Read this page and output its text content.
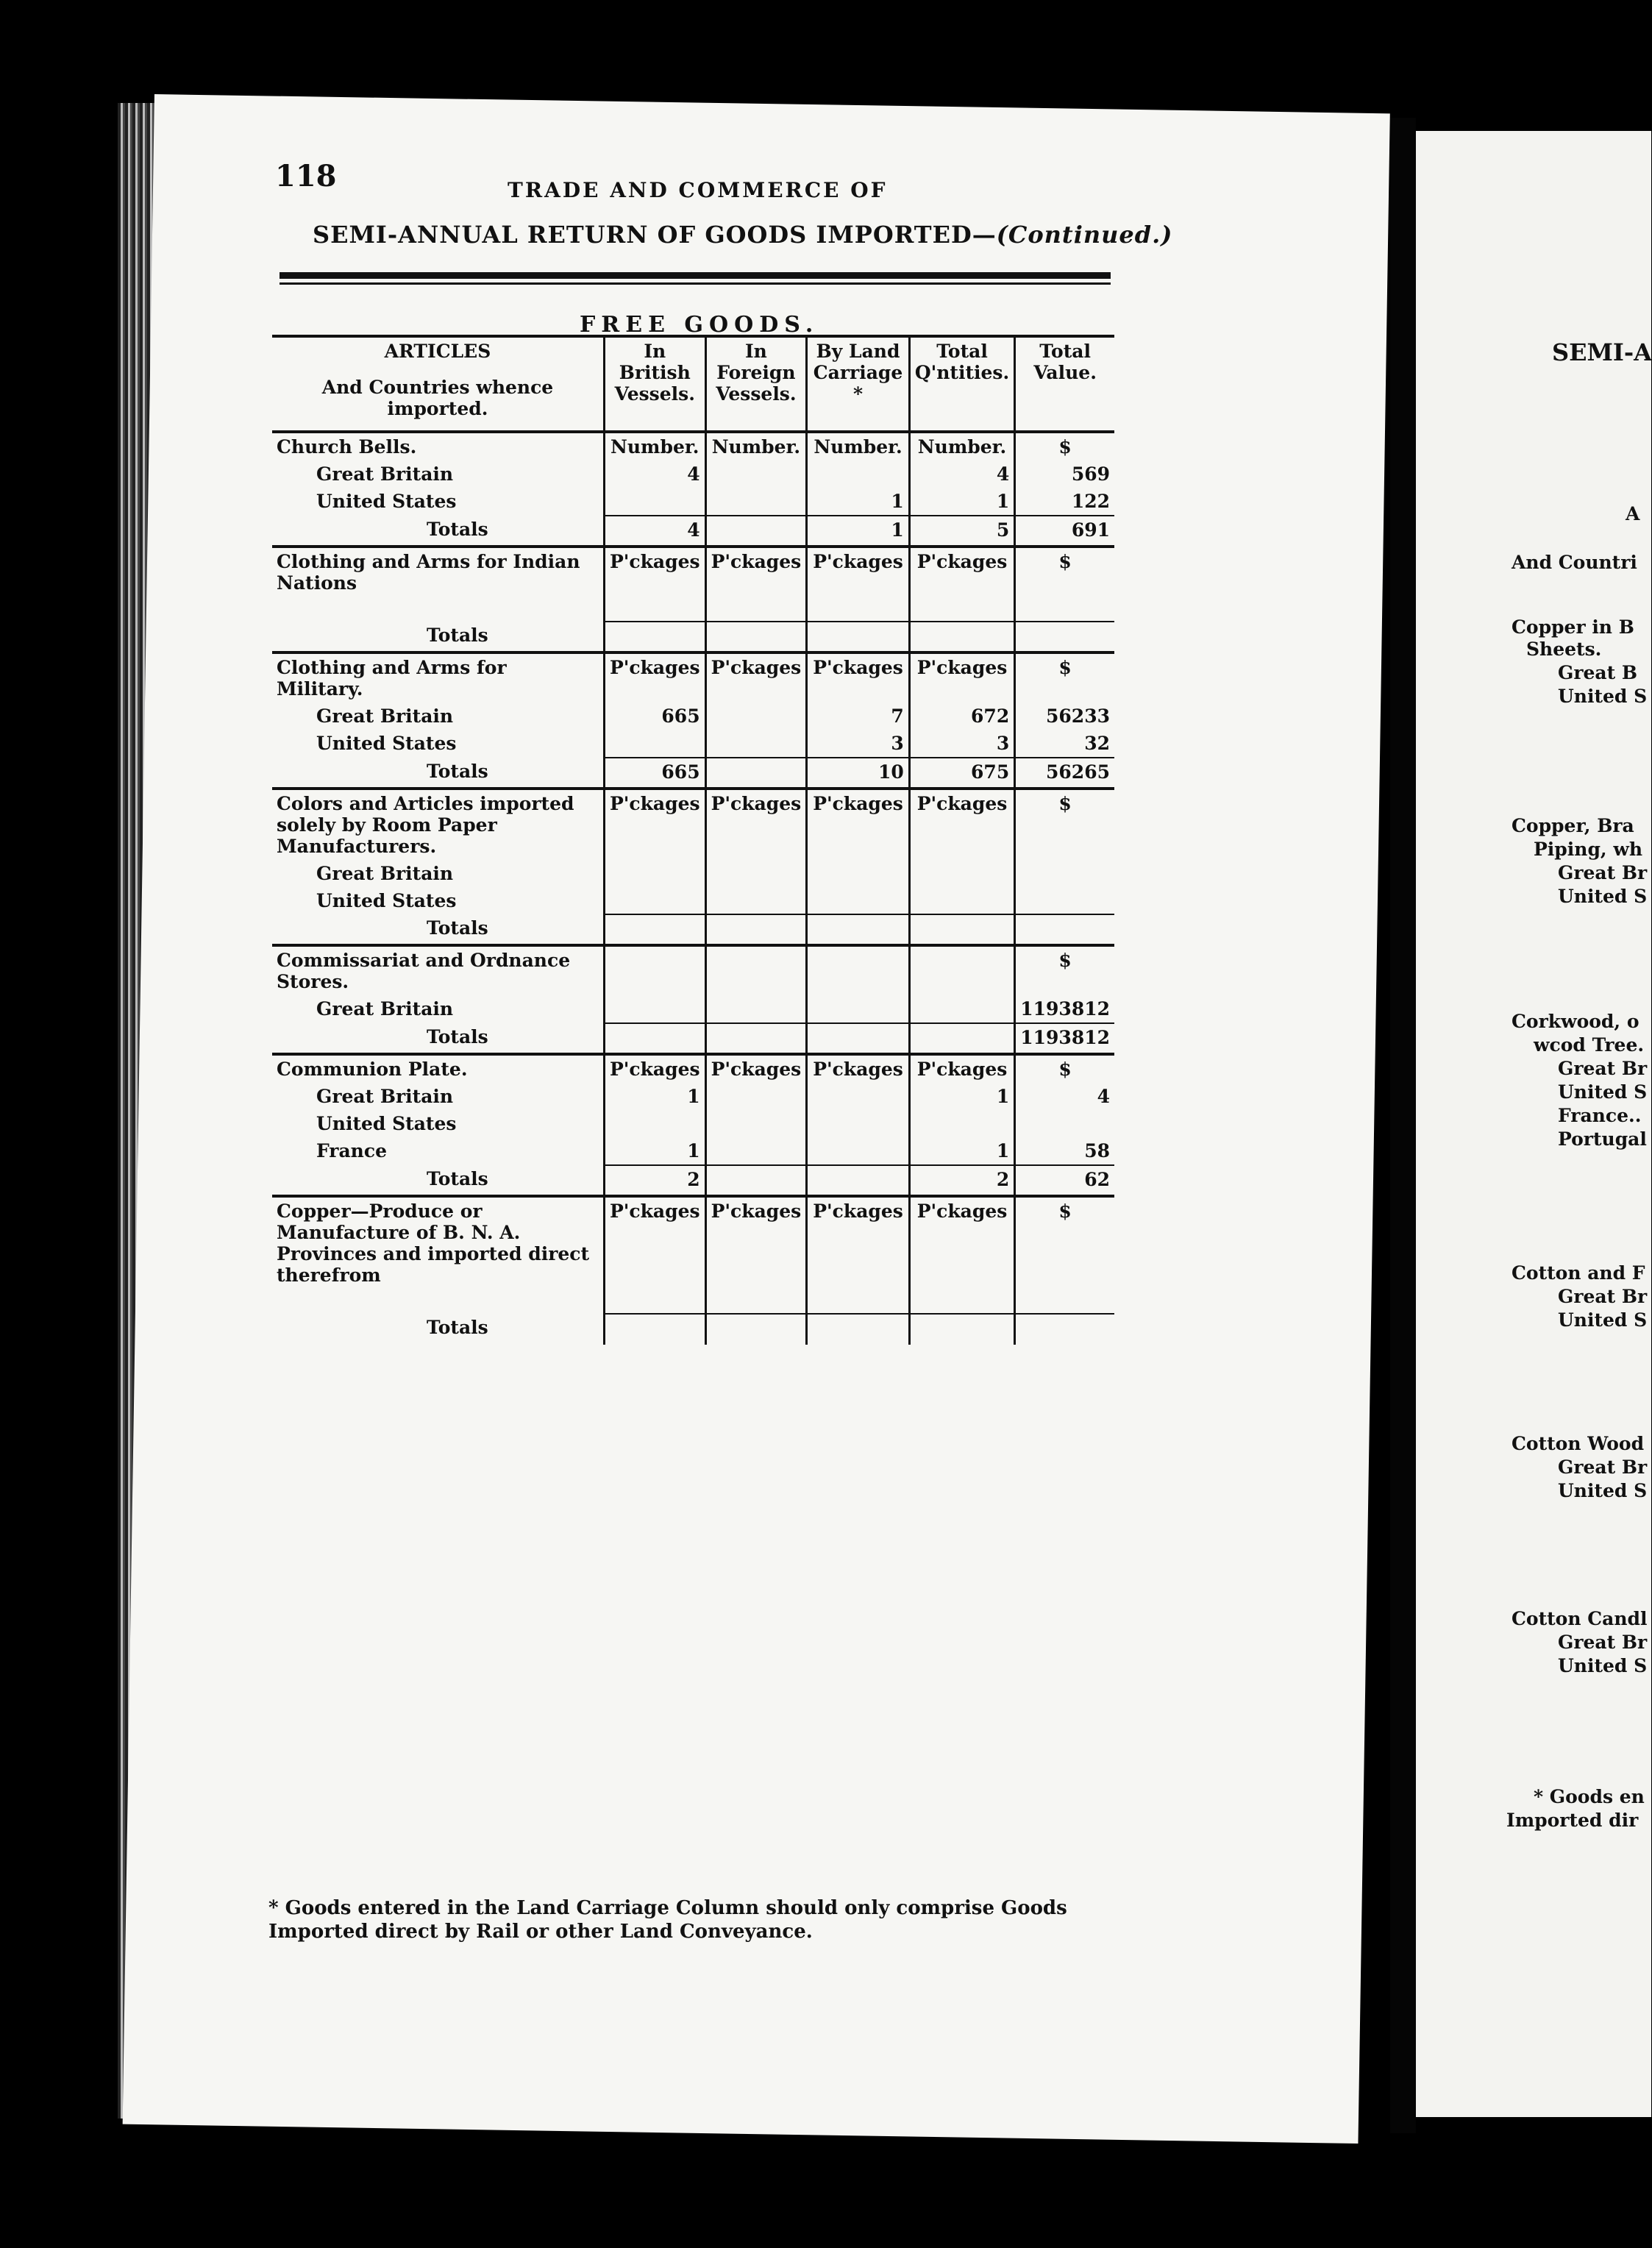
118	TRADE AND COMMERCE OF
SEMI-ANNUAL RETURN OF GOODS IMPORTED—(Continued.)
FREE GOODS.
ARTICLES
And Countries whence imported.	In British Vessels.	In Foreign Vessels.	By Land Carriage *	Total Q'ntities.	Total Value.
Church Bells.	Number.	Number.	Number.	Number.	$
Great Britain	4			4	569
United States			1	1	122
Totals	4		1	5	691
Clothing and Arms for Indian Nations	P'ckages	P'ckages	P'ckages	P'ckages	$

Totals					
Clothing and Arms for Military.	P'ckages	P'ckages	P'ckages	P'ckages	$
Great Britain	665		7	672	56233
United States			3	3	32
Totals	665		10	675	56265
Colors and Articles imported solely by Room Paper Manufacturers.	P'ckages	P'ckages	P'ckages	P'ckages	$
Great Britain					
United States					
Totals					
Commissariat and Ordnance Stores.					$
Great Britain					1193812
Totals					1193812
Communion Plate.	P'ckages	P'ckages	P'ckages	P'ckages	$
Great Britain	1			1	4
United States					
France	1			1	58
Totals	2			2	62
Copper—Produce or Manufacture of B. N. A. Provinces and imported direct therefrom	P'ckages	P'ckages	P'ckages	P'ckages	$

Totals					
* Goods entered in the Land Carriage Column should only comprise Goods Imported direct by Rail or other Land Conveyance.
SEMI-A
A
And Countri
Copper in B
Sheets.
Great B
United S
Copper, Bra
Piping, wh
Great Br
United S
Corkwood, o
wcod Tree.
Great Br
United S
France..
Portugal
Cotton and F
Great Br
United S
Cotton Wood
Great Br
United S
Cotton Candl
Great Br
United S
* Goods en
Imported dir
